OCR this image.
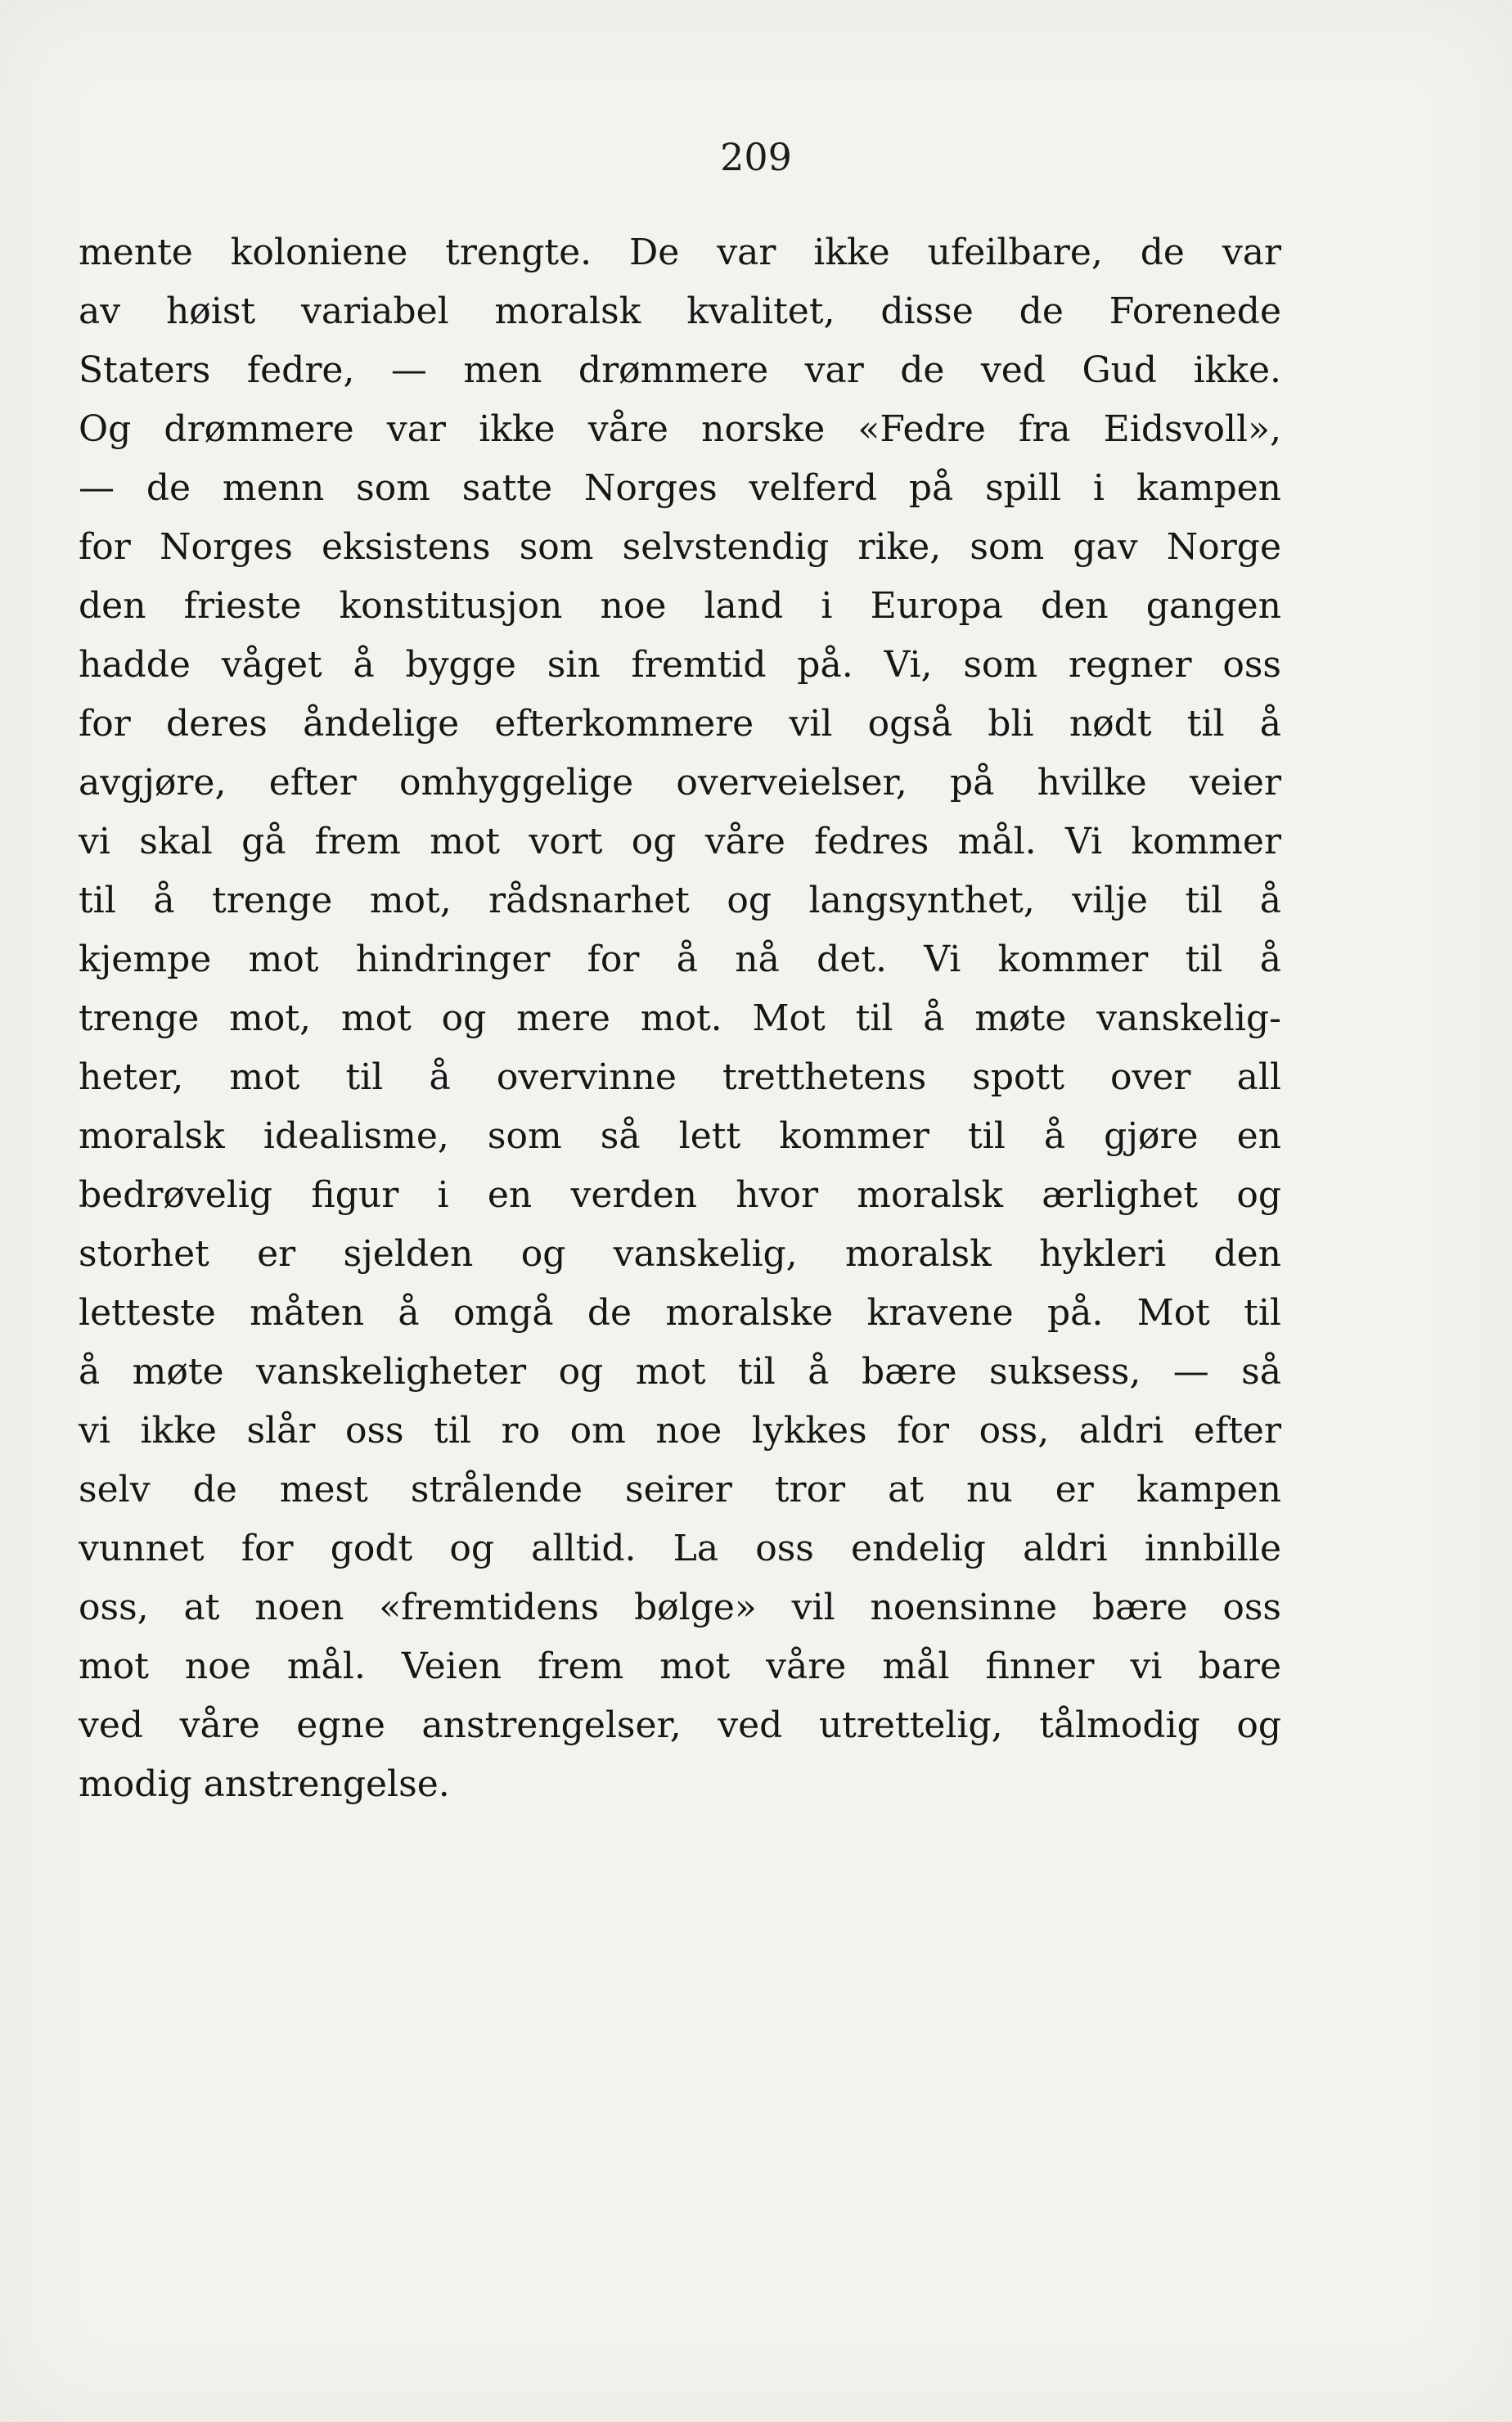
209
mente koloniene trengte. De var ikke ufeilbare, de var
av høist variabel moralsk kvalitet, disse de Forenede
Staters fedre, — men drømmere var de ved Gud ikke.
Og drømmere var ikke våre norske «Fedre fra Eidsvoll»,
— de menn som satte Norges velferd på spill i kampen
for Norges eksistens som selvstendig rike, som gav Norge
den frieste konstitusjon noe land i Europa den gangen
hadde våget å bygge sin fremtid på. Vi, som regner oss
for deres åndelige efterkommere vil også bli nødt til å
avgjøre, efter omhyggelige overveielser, på hvilke veier
vi skal gå frem mot vort og våre fedres mål. Vi kommer
til å trenge mot, rådsnarhet og langsynthet, vilje til å
kjempe mot hindringer for å nå det. Vi kommer til å
trenge mot, mot og mere mot. Mot til å møte vanskelig-
heter, mot til å overvinne tretthetens spott over all
moralsk idealisme, som så lett kommer til å gjøre en
bedrøvelig figur i en verden hvor moralsk ærlighet og
storhet er sjelden og vanskelig, moralsk hykleri den
letteste måten å omgå de moralske kravene på. Mot til
å møte vanskeligheter og mot til å bære suksess, — så
vi ikke slår oss til ro om noe lykkes for oss, aldri efter
selv de mest strålende seirer tror at nu er kampen
vunnet for godt og alltid. La oss endelig aldri innbille
oss, at noen «fremtidens bølge» vil noensinne bære oss
mot noe mål. Veien frem mot våre mål finner vi bare
ved våre egne anstrengelser, ved utrettelig, tålmodig og
modig anstrengelse.
